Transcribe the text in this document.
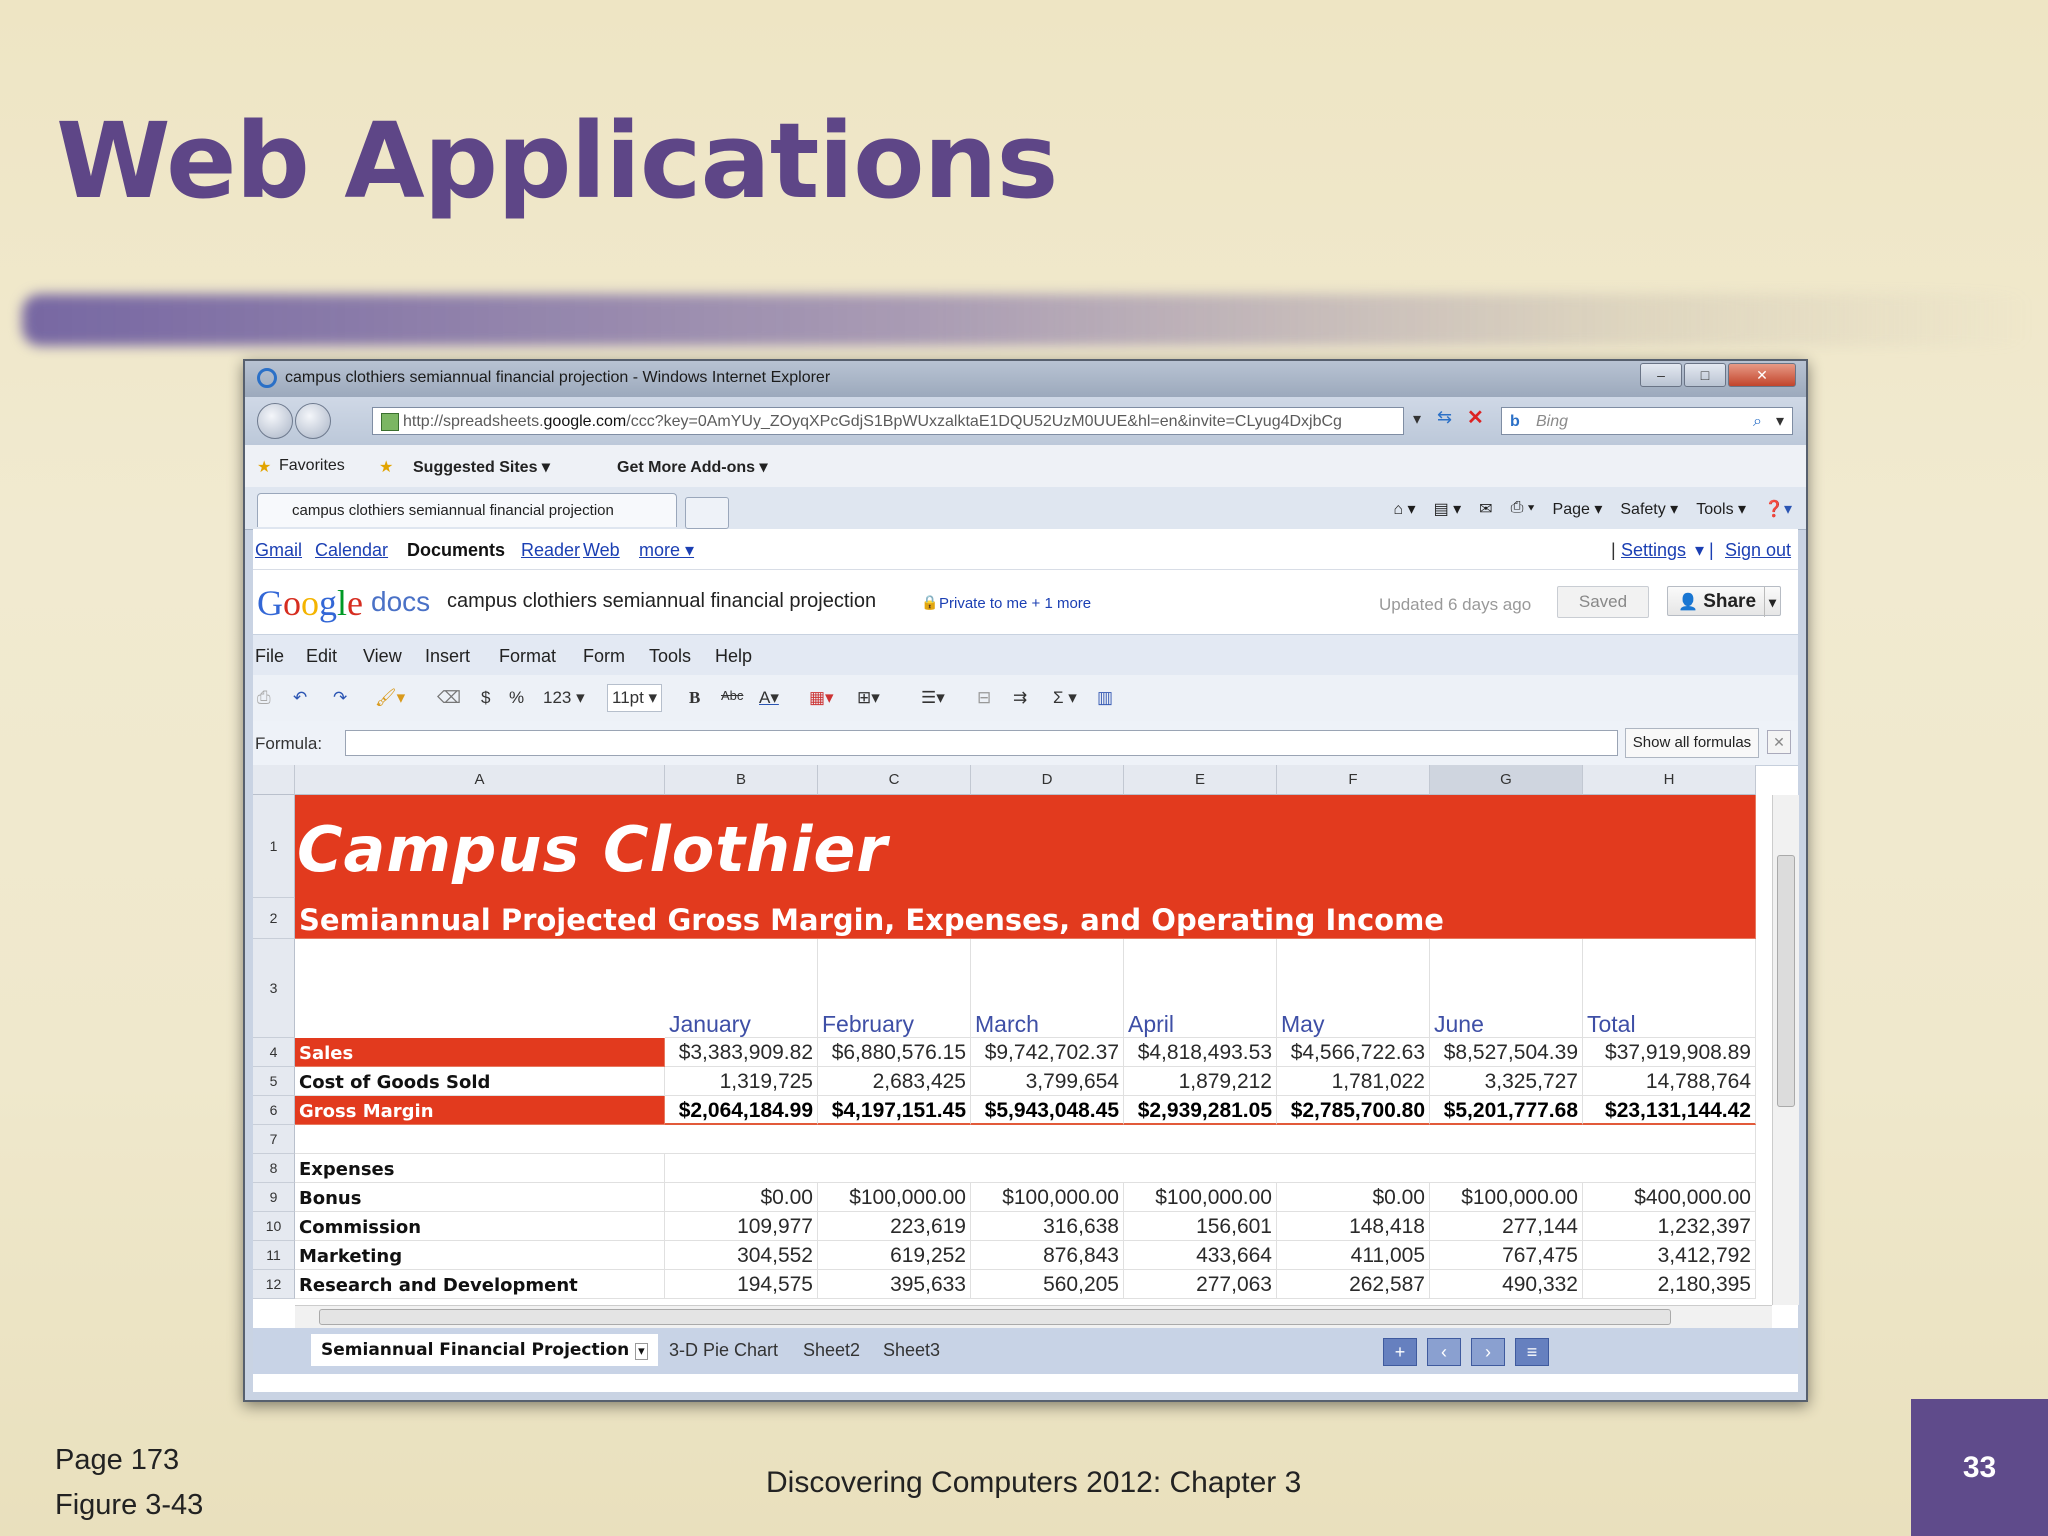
Web Applications
campus clothiers semiannual financial projection - Windows Internet Explorer	–	□	✕
http://spreadsheets.google.com/ccc?key=0AmYUy_ZOyqXPcGdjS1BpWUxzalktaE1DQU52UzM0UUE&hl=en&invite=CLyug4DxjbCg	▾ ⇆ ✕ b Bing	⌕ ▾
★ Favorites ★ Suggested Sites ▾	Get More Add-ons ▾
campus clothiers semiannual financial projection	⌂ ▾ ▤ ▾ ✉ ⎙ ▾ Page ▾ Safety ▾ Tools ▾ ❓▾
Gmail Calendar Documents Reader Web more ▾	| Settings ▾ | Sign out
Google docs campus clothiers semiannual financial projection	🔒 Private to me + 1 more	Updated 6 days ago	Saved	👤 Share ▾
File Edit View Insert Format Form Tools Help
⎙ ↶ ↷ 🖌▾ ⌫ $ % 123 ▾ 11pt ▾ B Abc A▾ ▦▾ ⊞▾ ☰▾ ⊟ ⇉ Σ ▾ ▥
Formula:	Show all formulas	✕
A	B	C	D	E	F	G	H
1
2
3
4
5
6
7
8
9
10
11
12
Campus Clothier
Semiannual Projected Gross Margin, Expenses, and Operating Income
January	February	March	April	May	June	Total
Sales	$3,383,909.82 $6,880,576.15 $9,742,702.37 $4,818,493.53 $4,566,722.63 $8,527,504.39	$37,919,908.89
Cost of Goods Sold	1,319,725	2,683,425	3,799,654	1,879,212	1,781,022	3,325,727	14,788,764
Gross Margin	$2,064,184.99 $4,197,151.45 $5,943,048.45 $2,939,281.05 $2,785,700.80 $5,201,777.68	$23,131,144.42
Expenses
Bonus	$0.00	$100,000.00	$100,000.00	$100,000.00	$0.00	$100,000.00	$400,000.00
Commission	109,977	223,619	316,638	156,601	148,418	277,144	1,232,397
Marketing	304,552	619,252	876,843	433,664	411,005	767,475	3,412,792
Research and Development	194,575	395,633	560,205	277,063	262,587	490,332	2,180,395
Semiannual Financial Projection ▾	3-D Pie Chart	Sheet2	Sheet3	+	‹	›	≡
Page 173
Figure 3-43
Discovering Computers 2012: Chapter 3	33
